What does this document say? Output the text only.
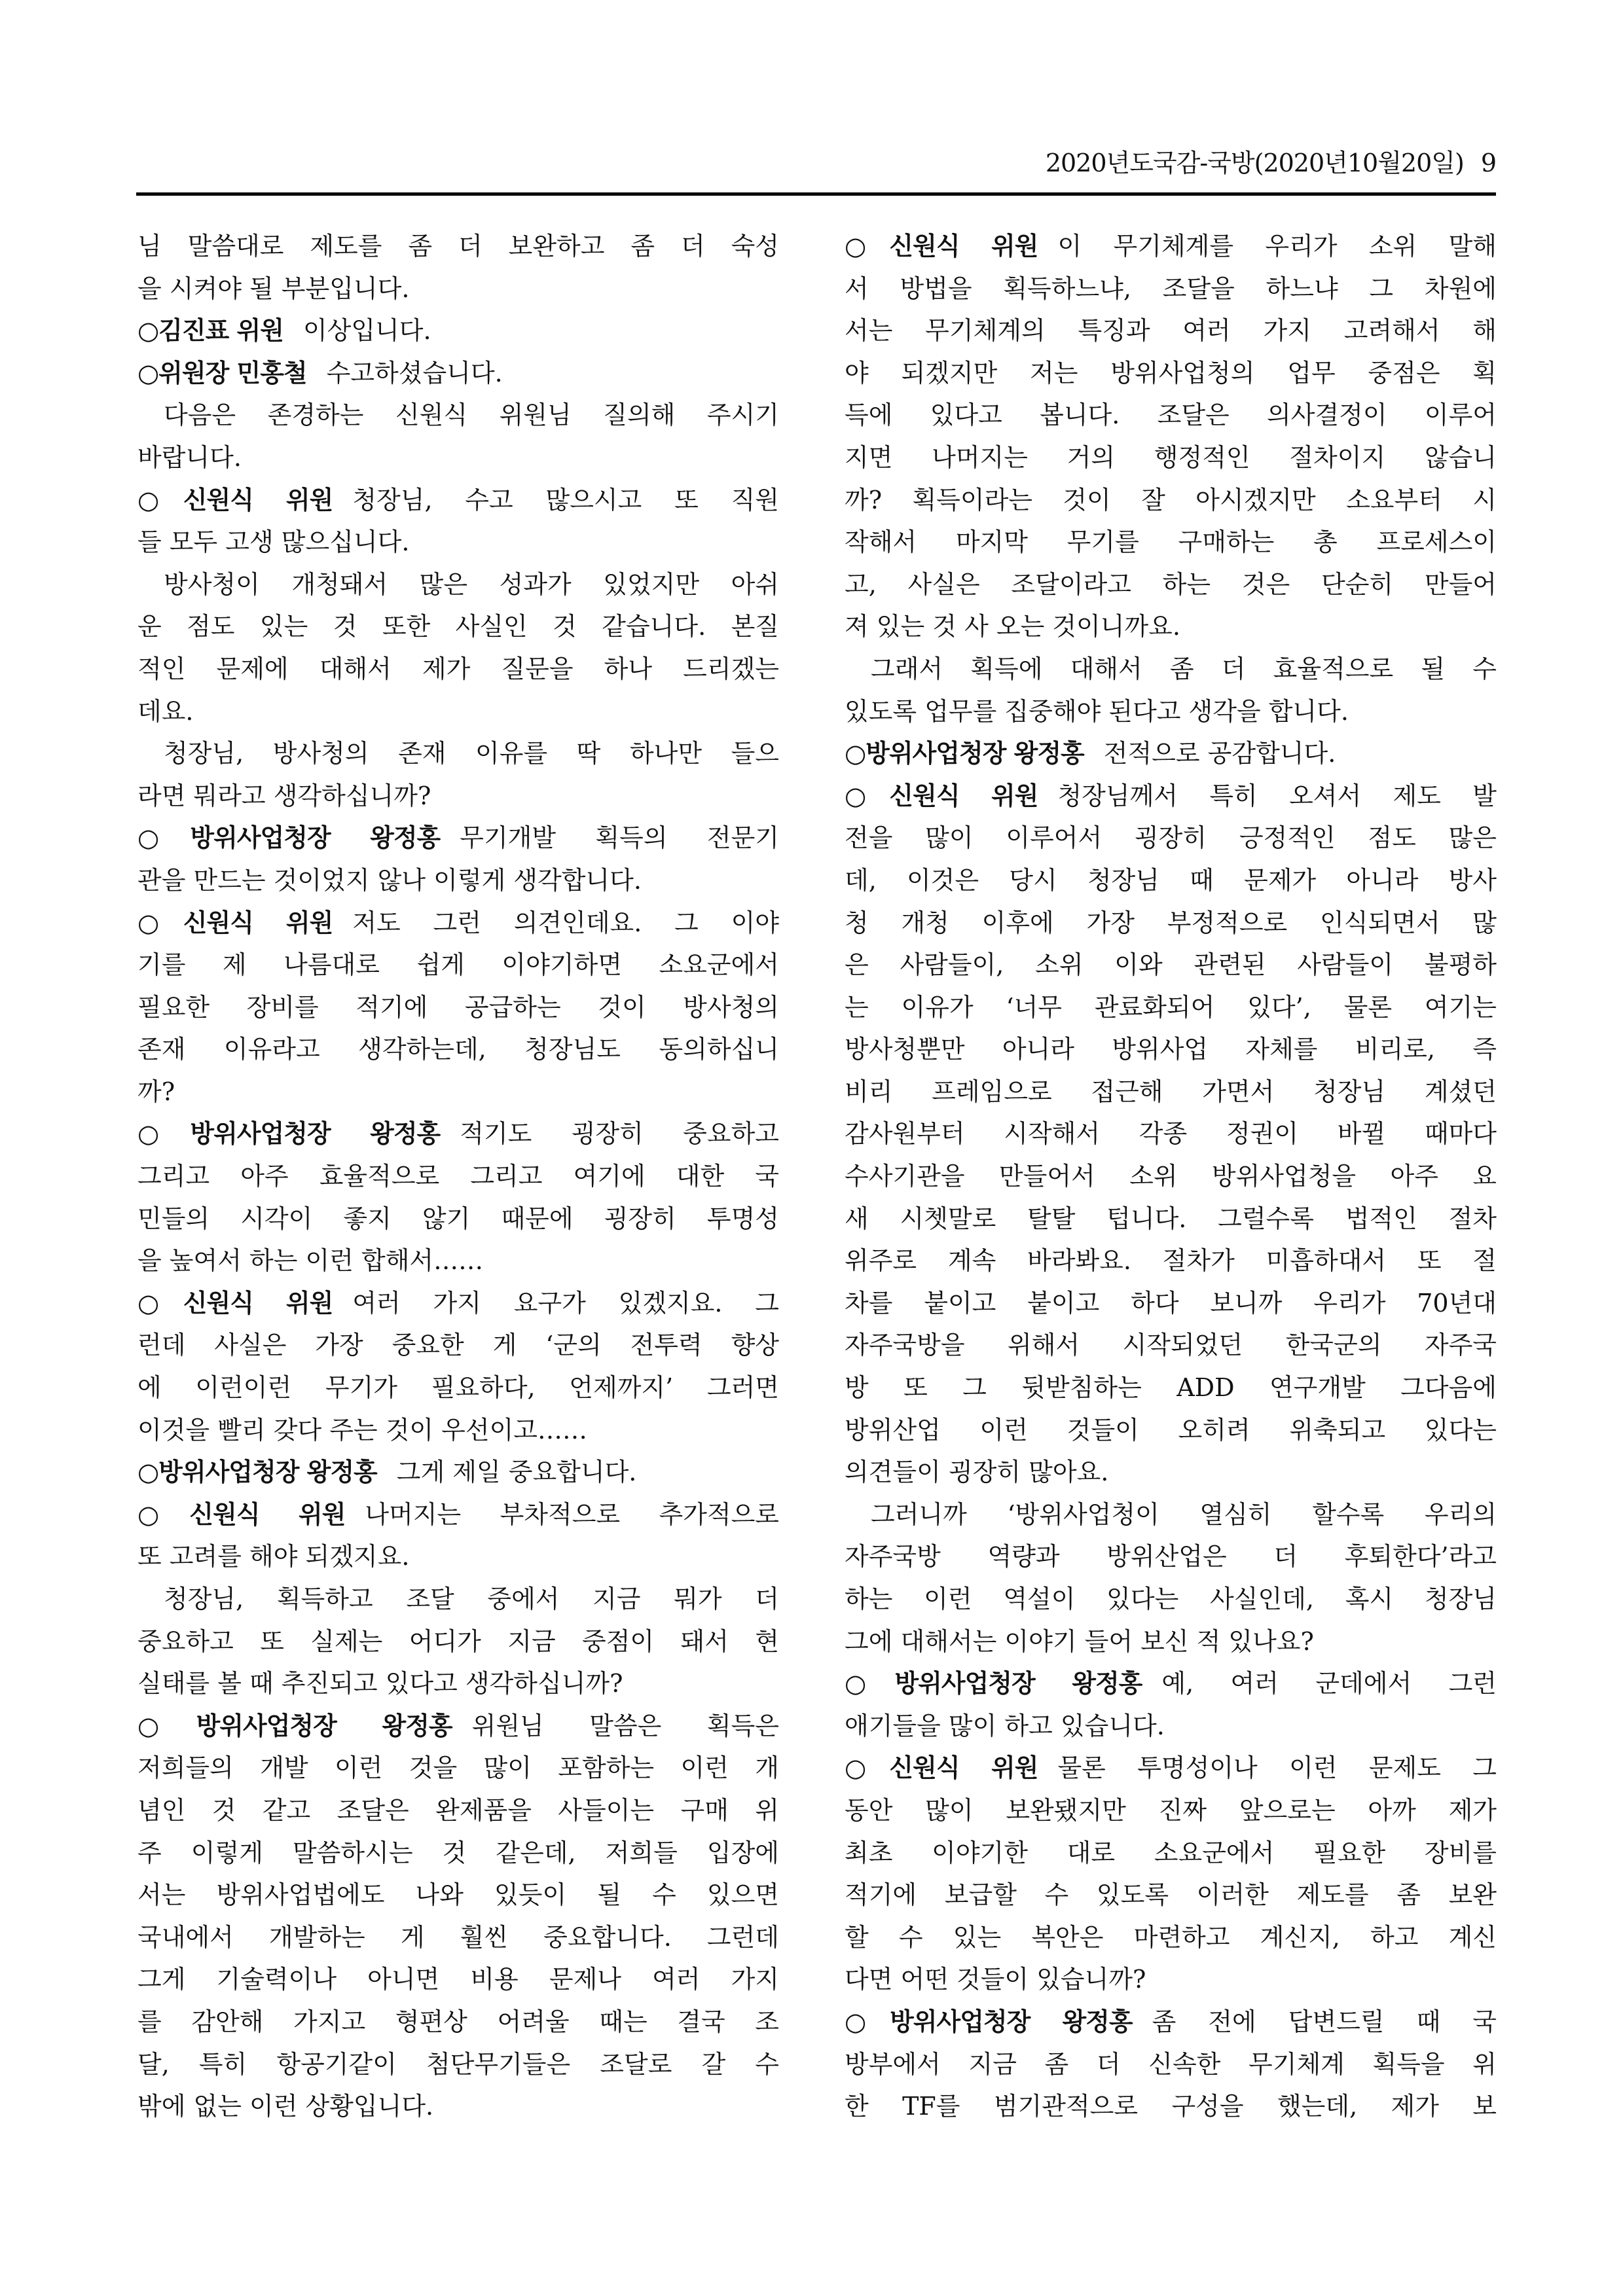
2020년도국감-국방(2020년10월20일) 9
님 말씀대로 제도를 좀 더 보완하고 좀 더 숙성
을 시켜야 될 부분입니다.
○김진표 위원 이상입니다.
○위원장 민홍철 수고하셨습니다.
다음은 존경하는 신원식 위원님 질의해 주시기
바랍니다.
○신원식 위원 청장님, 수고 많으시고 또 직원
들 모두 고생 많으십니다.
방사청이 개청돼서 많은 성과가 있었지만 아쉬
운 점도 있는 것 또한 사실인 것 같습니다. 본질
적인 문제에 대해서 제가 질문을 하나 드리겠는
데요.
청장님, 방사청의 존재 이유를 딱 하나만 들으
라면 뭐라고 생각하십니까?
○방위사업청장 왕정홍 무기개발 획득의 전문기
관을 만드는 것이었지 않나 이렇게 생각합니다.
○신원식 위원 저도 그런 의견인데요. 그 이야
기를 제 나름대로 쉽게 이야기하면 소요군에서
필요한 장비를 적기에 공급하는 것이 방사청의
존재 이유라고 생각하는데, 청장님도 동의하십니
까?
○방위사업청장 왕정홍 적기도 굉장히 중요하고
그리고 아주 효율적으로 그리고 여기에 대한 국
민들의 시각이 좋지 않기 때문에 굉장히 투명성
을 높여서 하는 이런 합해서……
○신원식 위원 여러 가지 요구가 있겠지요. 그
런데 사실은 가장 중요한 게 ‘군의 전투력 향상
에 이런이런 무기가 필요하다, 언제까지’ 그러면
이것을 빨리 갖다 주는 것이 우선이고……
○방위사업청장 왕정홍 그게 제일 중요합니다.
○신원식 위원 나머지는 부차적으로 추가적으로
또 고려를 해야 되겠지요.
청장님, 획득하고 조달 중에서 지금 뭐가 더
중요하고 또 실제는 어디가 지금 중점이 돼서 현
실태를 볼 때 추진되고 있다고 생각하십니까?
○방위사업청장 왕정홍 위원님 말씀은 획득은
저희들의 개발 이런 것을 많이 포함하는 이런 개
념인 것 같고 조달은 완제품을 사들이는 구매 위
주 이렇게 말씀하시는 것 같은데, 저희들 입장에
서는 방위사업법에도 나와 있듯이 될 수 있으면
국내에서 개발하는 게 훨씬 중요합니다. 그런데
그게 기술력이나 아니면 비용 문제나 여러 가지
를 감안해 가지고 형편상 어려울 때는 결국 조
달, 특히 항공기같이 첨단무기들은 조달로 갈 수
밖에 없는 이런 상황입니다.
○신원식 위원 이 무기체계를 우리가 소위 말해
서 방법을 획득하느냐, 조달을 하느냐 그 차원에
서는 무기체계의 특징과 여러 가지 고려해서 해
야 되겠지만 저는 방위사업청의 업무 중점은 획
득에 있다고 봅니다. 조달은 의사결정이 이루어
지면 나머지는 거의 행정적인 절차이지 않습니
까? 획득이라는 것이 잘 아시겠지만 소요부터 시
작해서 마지막 무기를 구매하는 총 프로세스이
고, 사실은 조달이라고 하는 것은 단순히 만들어
져 있는 것 사 오는 것이니까요.
그래서 획득에 대해서 좀 더 효율적으로 될 수
있도록 업무를 집중해야 된다고 생각을 합니다.
○방위사업청장 왕정홍 전적으로 공감합니다.
○신원식 위원 청장님께서 특히 오셔서 제도 발
전을 많이 이루어서 굉장히 긍정적인 점도 많은
데, 이것은 당시 청장님 때 문제가 아니라 방사
청 개청 이후에 가장 부정적으로 인식되면서 많
은 사람들이, 소위 이와 관련된 사람들이 불평하
는 이유가 ‘너무 관료화되어 있다’, 물론 여기는
방사청뿐만 아니라 방위사업 자체를 비리로, 즉
비리 프레임으로 접근해 가면서 청장님 계셨던
감사원부터 시작해서 각종 정권이 바뀔 때마다
수사기관을 만들어서 소위 방위사업청을 아주 요
새 시쳇말로 탈탈 텁니다. 그럴수록 법적인 절차
위주로 계속 바라봐요. 절차가 미흡하대서 또 절
차를 붙이고 붙이고 하다 보니까 우리가 70년대
자주국방을 위해서 시작되었던 한국군의 자주국
방 또 그 뒷받침하는 ADD 연구개발 그다음에
방위산업 이런 것들이 오히려 위축되고 있다는
의견들이 굉장히 많아요.
그러니까 ‘방위사업청이 열심히 할수록 우리의
자주국방 역량과 방위산업은 더 후퇴한다’라고
하는 이런 역설이 있다는 사실인데, 혹시 청장님
그에 대해서는 이야기 들어 보신 적 있나요?
○방위사업청장 왕정홍 예, 여러 군데에서 그런
애기들을 많이 하고 있습니다.
○신원식 위원 물론 투명성이나 이런 문제도 그
동안 많이 보완됐지만 진짜 앞으로는 아까 제가
최초 이야기한 대로 소요군에서 필요한 장비를
적기에 보급할 수 있도록 이러한 제도를 좀 보완
할 수 있는 복안은 마련하고 계신지, 하고 계신
다면 어떤 것들이 있습니까?
○방위사업청장 왕정홍 좀 전에 답변드릴 때 국
방부에서 지금 좀 더 신속한 무기체계 획득을 위
한 TF를 범기관적으로 구성을 했는데, 제가 보
